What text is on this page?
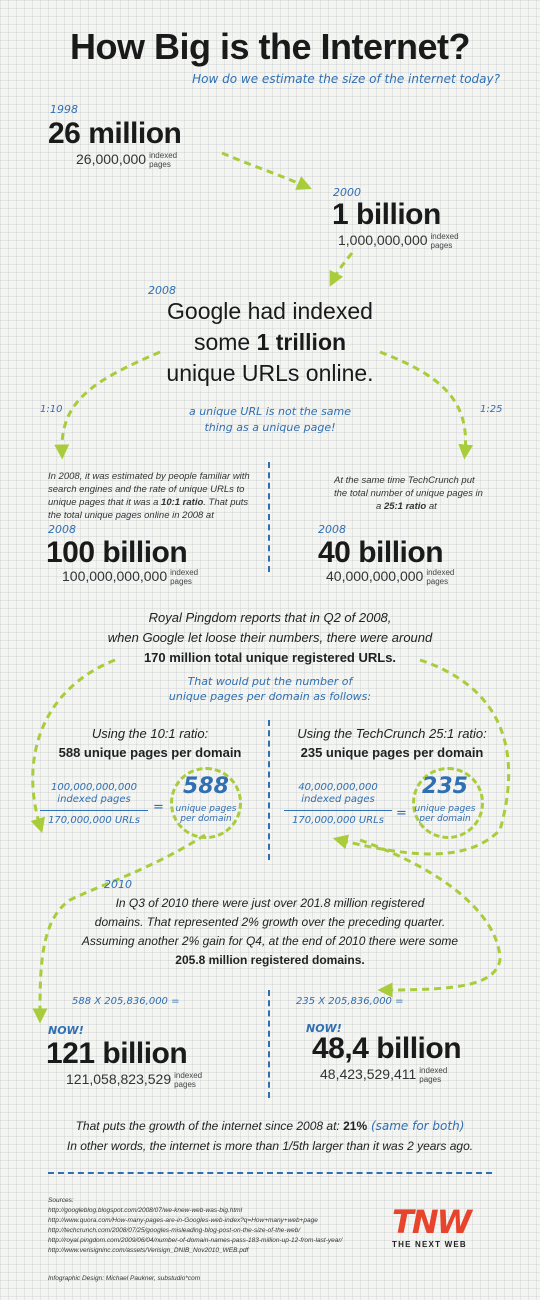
How Big is the Internet?
How do we estimate the size of the internet today?
1998
26 million
26,000,000 indexed
pages
2000
1 billion
1,000,000,000 indexed
pages
2008
Google had indexed
some 1 trillion
unique URLs online.
1:10	1:25
a unique URL is not the same
thing as a unique page!
In 2008, it was estimated by people familiar with
search engines and the rate of unique URLs to
unique pages that it was a 10:1 ratio. That puts
the total unique pages online in 2008 at
2008
100 billion
100,000,000,000 indexed
pages
At the same time TechCrunch put
the total number of unique pages in
a 25:1 ratio at
2008
40 billion
40,000,000,000 indexed
pages
Royal Pingdom reports that in Q2 of 2008,
when Google let loose their numbers, there were around
170 million total unique registered URLs.
That would put the number of
unique pages per domain as follows:
Using the 10:1 ratio:
588 unique pages per domain
100,000,000,000
indexed pages
170,000,000 URLs
=
588
unique pages
per domain
Using the TechCrunch 25:1 ratio:
235 unique pages per domain
40,000,000,000
indexed pages
170,000,000 URLs =
235
unique pages
per domain
2010
In Q3 of 2010 there were just over 201.8 million registered
domains. That represented 2% growth over the preceding quarter.
Assuming another 2% gain for Q4, at the end of 2010 there were some
205.8 million registered domains.
588 X 205,836,000 =
NOW!
121 billion
121,058,823,529 indexed
pages
235 X 205,836,000 =
NOW!
48,4 billion
48,423,529,411 indexed
pages
That puts the growth of the internet since 2008 at: 21% (same for both)
In other words, the internet is more than 1/5th larger than it was 2 years ago.
Sources:
http://googleblog.blogspot.com/2008/07/we-knew-web-was-big.html
http://www.quora.com/How-many-pages-are-in-Googles-web-index?q=How+many+web+page
http://techcrunch.com/2008/07/25/googles-misleading-blog-post-on-the-size-of-the-web/
http://royal.pingdom.com/2009/06/04/number-of-domain-names-pass-183-million-up-12-from-last-year/
http://www.verisigninc.com/assets/Verisign_DNIB_Nov2010_WEB.pdf
Infographic Design: Michael Paukner, substudio*com
TNW
THE NEXT WEB
